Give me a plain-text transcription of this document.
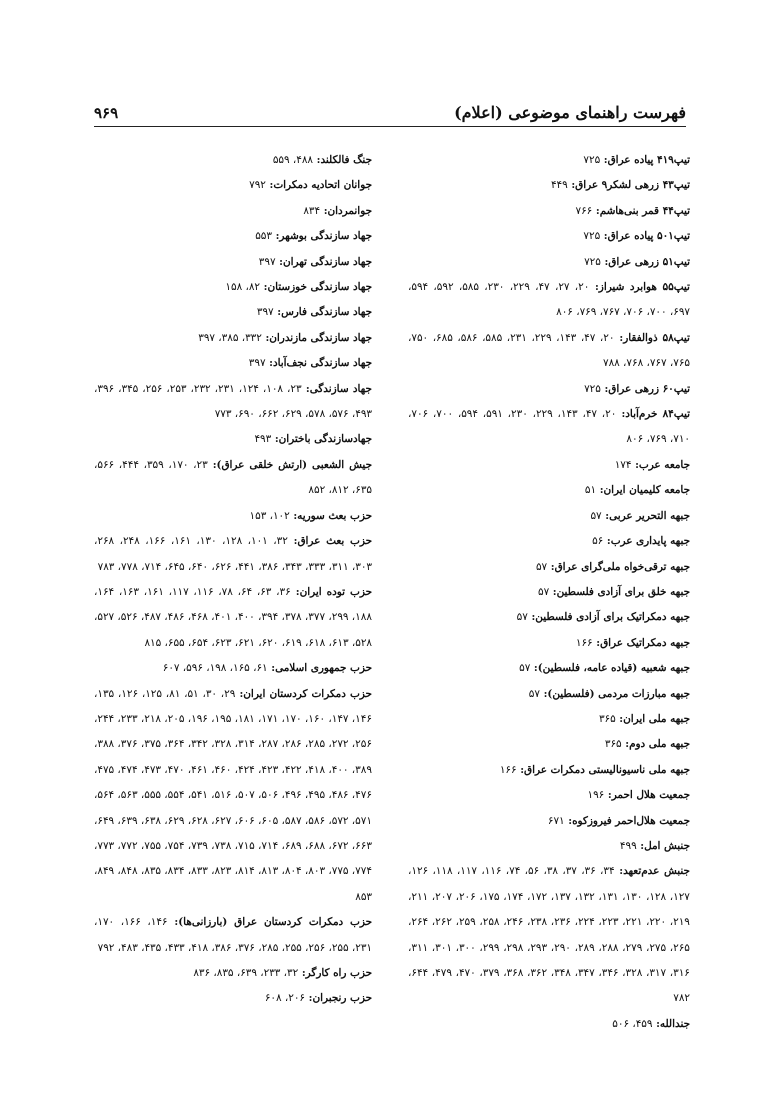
فهرست راهنمای موضوعی (اعلام)
۹۶۹

تیپ۴۱۹ پیاده عراق: ۷۲۵

تیپ۴۳ زرهی لشکر۹ عراق: ۴۴۹

تیپ۴۴ قمر بنی‌هاشم: ۷۶۶

تیپ۵۰۱ پیاده عراق: ۷۲۵

تیپ۵۱ زرهی عراق: ۷۲۵

تیپ۵۵ هوابرد شیراز: ۲۰، ۲۷، ۴۷، ۲۲۹، ۲۳۰، ۵۸۵، ۵۹۲، ۵۹۴، ۶۹۷، ۷۰۰، ۷۰۶، ۷۶۷، ۷۶۹، ۸۰۶

تیپ۵۸ ذوالفقار: ۲۰، ۴۷، ۱۴۳، ۲۲۹، ۲۳۱، ۵۸۵، ۵۸۶، ۶۸۵، ۷۵۰، ۷۶۵، ۷۶۷، ۷۶۸، ۷۸۸

تیپ۶۰ زرهی عراق: ۷۲۵

تیپ۸۴ خرم‌آباد: ۲۰، ۴۷، ۱۴۳، ۲۲۹، ۲۳۰، ۵۹۱، ۵۹۴، ۷۰۰، ۷۰۶، ۷۱۰، ۷۶۹، ۸۰۶

جامعه عرب: ۱۷۴

جامعه کلیمیان ایران: ۵۱

جبهه التحریر عربی: ۵۷

جبهه پایداری عرب: ۵۶

جبهه ترقی‌خواه ملی‌گرای عراق: ۵۷

جبهه خلق برای آزادی فلسطین: ۵۷

جبهه دمکراتیک برای آزادی فلسطین: ۵۷

جبهه دمکراتیک عراق: ۱۶۶

جبهه شعبیه (قیاده عامه، فلسطین): ۵۷

جبهه مبارزات مردمی (فلسطین): ۵۷

جبهه ملی ایران: ۳۶۵

جبهه ملی دوم: ۳۶۵

جبهه ملی ناسیونالیستی دمکرات عراق: ۱۶۶

جمعیت هلال احمر: ۱۹۶

جمعیت هلال‌احمر فیروزکوه: ۶۷۱

جنبش امل: ۴۹۹

جنبش عدم‌تعهد: ۳۴، ۳۶، ۳۷، ۳۸، ۵۶، ۷۴، ۱۱۶، ۱۱۷، ۱۱۸، ۱۲۶، ۱۲۷، ۱۲۸، ۱۳۰، ۱۳۱، ۱۳۲، ۱۳۷، ۱۷۲، ۱۷۴، ۱۷۵، ۲۰۶، ۲۰۷، ۲۱۱، ۲۱۹، ۲۲۰، ۲۲۱، ۲۲۳، ۲۲۴، ۲۳۶، ۲۳۸، ۲۴۶، ۲۵۸، ۲۵۹، ۲۶۲، ۲۶۴، ۲۶۵، ۲۷۵، ۲۷۹، ۲۸۸، ۲۸۹، ۲۹۰، ۲۹۳، ۲۹۸، ۲۹۹، ۳۰۰، ۳۰۱، ۳۱۱، ۳۱۶، ۳۱۷، ۳۲۸، ۳۴۶، ۳۴۷، ۳۴۸، ۳۶۲، ۳۶۸، ۳۷۹، ۴۷۰، ۴۷۹، ۶۴۴، ۷۸۲

جندالله: ۴۵۹، ۵۰۶

جنگ فالکلند: ۴۸۸، ۵۵۹

جوانان اتحادیه دمکرات: ۷۹۲

جوانمردان: ۸۳۴

جهاد سازندگی بوشهر: ۵۵۳

جهاد سازندگی تهران: ۳۹۷

جهاد سازندگی خوزستان: ۸۲، ۱۵۸

جهاد سازندگی فارس: ۳۹۷

جهاد سازندگی مازندران: ۳۳۲، ۳۸۵، ۳۹۷

جهاد سازندگی نجف‌آباد: ۳۹۷

جهاد سازندگی: ۲۳، ۱۰۸، ۱۲۴، ۲۳۱، ۲۳۲، ۲۵۳، ۲۵۶، ۳۴۵، ۳۹۶، ۴۹۳، ۵۷۶، ۵۷۸، ۶۲۹، ۶۶۲، ۶۹۰، ۷۷۳

جهادسازندگی باختران: ۴۹۳

جیش الشعبی (ارتش خلقی عراق): ۲۳، ۱۷۰، ۳۵۹، ۴۴۴، ۵۶۶، ۶۳۵، ۸۱۲، ۸۵۲

حزب بعث سوریه: ۱۰۲، ۱۵۳

حزب بعث عراق: ۳۲، ۱۰۱، ۱۲۸، ۱۳۰، ۱۶۱، ۱۶۶، ۲۴۸، ۲۶۸، ۳۰۳، ۳۱۱، ۳۳۳، ۳۴۳، ۳۸۶، ۴۴۱، ۶۲۶، ۶۴۰، ۶۴۵، ۷۱۴، ۷۷۸، ۷۸۳

حزب توده ایران: ۳۶، ۶۳، ۶۴، ۷۸، ۱۱۶، ۱۱۷، ۱۶۱، ۱۶۳، ۱۶۴، ۱۸۸، ۲۹۹، ۳۷۷، ۳۷۸، ۳۹۴، ۴۰۰، ۴۰۱، ۴۶۸، ۴۸۶، ۴۸۷، ۵۲۶، ۵۲۷، ۵۲۸، ۶۱۳، ۶۱۸، ۶۱۹، ۶۲۰، ۶۲۱، ۶۲۳، ۶۵۴، ۶۵۵، ۸۱۵

حزب جمهوری اسلامی: ۶۱، ۱۶۵، ۱۹۸، ۵۹۶، ۶۰۷

حزب دمکرات کردستان ایران: ۲۹، ۳۰، ۵۱، ۸۱، ۱۲۵، ۱۲۶، ۱۳۵، ۱۴۶، ۱۴۷، ۱۶۰، ۱۷۰، ۱۷۱، ۱۸۱، ۱۹۵، ۱۹۶، ۲۰۵، ۲۱۸، ۲۳۳، ۲۴۴، ۲۵۶، ۲۷۲، ۲۸۵، ۲۸۶، ۲۸۷، ۳۱۴، ۳۲۸، ۳۴۲، ۳۶۴، ۳۷۵، ۳۷۶، ۳۸۸، ۳۸۹، ۴۰۰، ۴۱۸، ۴۲۲، ۴۲۳، ۴۲۴، ۴۶۰، ۴۶۱، ۴۷۰، ۴۷۳، ۴۷۴، ۴۷۵، ۴۷۶، ۴۸۶، ۴۹۵، ۴۹۶، ۵۰۶، ۵۰۷، ۵۱۶، ۵۴۱، ۵۵۴، ۵۵۵، ۵۶۳، ۵۶۴، ۵۷۱، ۵۷۲، ۵۸۶، ۵۸۷، ۶۰۵، ۶۰۶، ۶۲۷، ۶۲۸، ۶۲۹، ۶۳۸، ۶۳۹، ۶۴۹، ۶۶۳، ۶۷۲، ۶۸۸، ۶۸۹، ۷۱۴، ۷۱۵، ۷۳۸، ۷۳۹، ۷۵۴، ۷۵۵، ۷۷۲، ۷۷۳، ۷۷۴، ۷۷۵، ۸۰۳، ۸۰۴، ۸۱۳، ۸۱۴، ۸۲۳، ۸۳۳، ۸۳۴، ۸۳۵، ۸۴۸، ۸۴۹، ۸۵۳

حزب دمکرات کردستان عراق (بارزانی‌ها): ۱۴۶، ۱۶۶، ۱۷۰، ۲۳۱، ۲۵۵، ۲۵۶، ۲۵۵، ۲۸۵، ۳۷۶، ۳۸۶، ۴۱۸، ۴۳۳، ۴۳۵، ۴۸۳، ۷۹۲

حزب راه کارگر: ۳۲، ۲۳۳، ۶۳۹، ۸۳۵، ۸۳۶

حزب رنجبران: ۲۰۶، ۶۰۸
